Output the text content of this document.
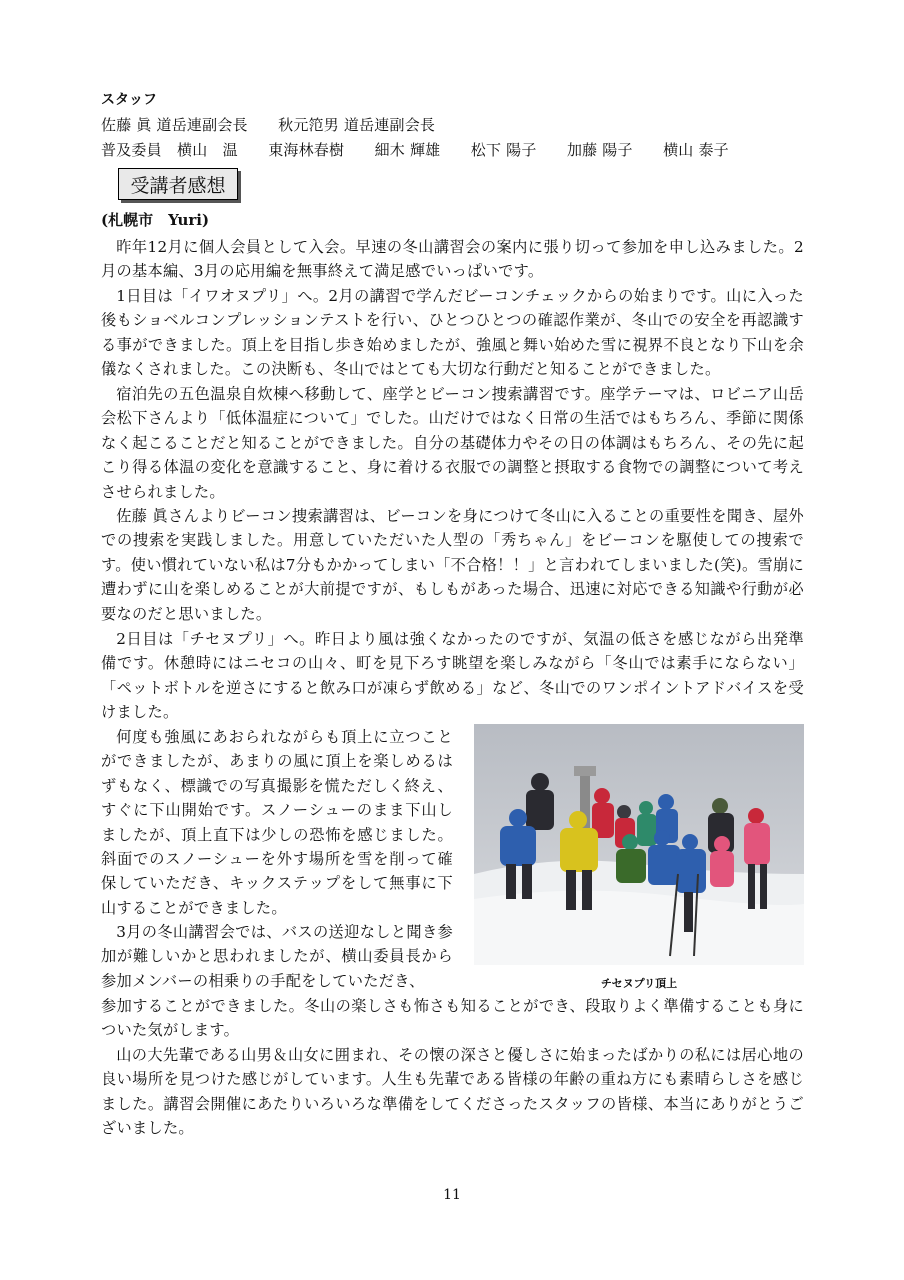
スタッフ
佐藤 眞 道岳連副会長　　秋元笵男 道岳連副会長
普及委員　横山　温　　東海林春樹　　細木 輝雄　　松下 陽子　　加藤 陽子　　横山 泰子
受講者感想
(札幌市　Yuri)

昨年12月に個人会員として入会。早速の冬山講習会の案内に張り切って参加を申し込みました。2月の基本編、3月の応用編を無事終えて満足感でいっぱいです。

1日目は「イワオヌプリ」へ。2月の講習で学んだビーコンチェックからの始まりです。山に入った後もショベルコンプレッションテストを行い、ひとつひとつの確認作業が、冬山での安全を再認識する事ができました。頂上を目指し歩き始めましたが、強風と舞い始めた雪に視界不良となり下山を余儀なくされました。この決断も、冬山ではとても大切な行動だと知ることができました。

宿泊先の五色温泉自炊棟へ移動して、座学とビーコン捜索講習です。座学テーマは、ロビニア山岳会松下さんより「低体温症について」でした。山だけではなく日常の生活ではもちろん、季節に関係なく起こることだと知ることができました。自分の基礎体力やその日の体調はもちろん、その先に起こり得る体温の変化を意識すること、身に着ける衣服での調整と摂取する食物での調整について考えさせられました。

佐藤 眞さんよりビーコン捜索講習は、ビーコンを身につけて冬山に入ることの重要性を聞き、屋外での捜索を実践しました。用意していただいた人型の「秀ちゃん」をビーコンを駆使しての捜索です。使い慣れていない私は7分もかかってしまい「不合格！！」と言われてしまいました(笑)。雪崩に遭わずに山を楽しめることが大前提ですが、もしもがあった場合、迅速に対応できる知識や行動が必要なのだと思いました。

2日目は「チセヌプリ」へ。昨日より風は強くなかったのですが、気温の低さを感じながら出発準備です。休憩時にはニセコの山々、町を見下ろす眺望を楽しみながら「冬山では素手にならない」「ペットボトルを逆さにすると飲み口が凍らず飲める」など、冬山でのワンポイントアドバイスを受けました。

何度も強風にあおられながらも頂上に立つことができましたが、あまりの風に頂上を楽しめるはずもなく、標識での写真撮影を慌ただしく終え、すぐに下山開始です。スノーシューのまま下山しましたが、頂上直下は少しの恐怖を感じました。斜面でのスノーシューを外す場所を雪を削って確保していただき、キックステップをして無事に下山することができました。

3月の冬山講習会では、バスの送迎なしと聞き参加が難しいかと思われましたが、横山委員長から参加メンバーの相乗りの手配をしていただき、

参加することができました。冬山の楽しさも怖さも知ることができ、段取りよく準備することも身についた気がします。

山の大先輩である山男＆山女に囲まれ、その懐の深さと優しさに始まったばかりの私には居心地の良い場所を見つけた感じがしています。人生も先輩である皆様の年齢の重ね方にも素晴らしさを感じました。講習会開催にあたりいろいろな準備をしてくださったスタッフの皆様、本当にありがとうございました。

チセヌプリ頂上
11
